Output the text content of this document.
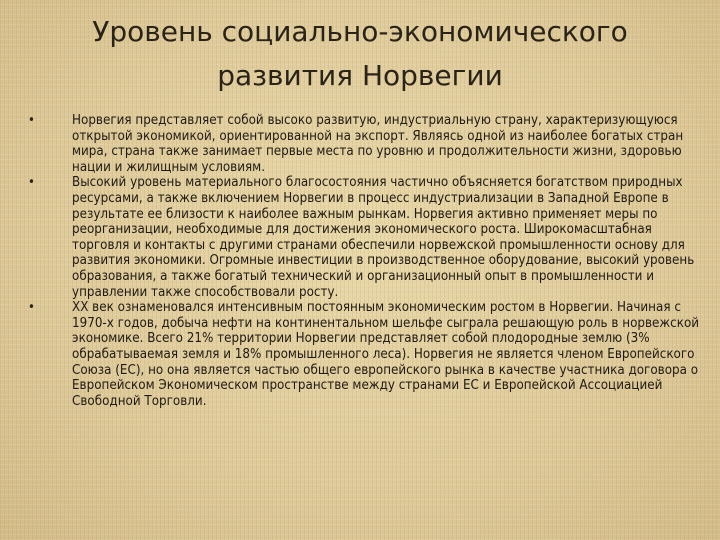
Уровень социально-экономического
развития Норвегии
•	Норвегия представляет собой высоко развитую, индустриальную страну, характеризующуюся открытой экономикой, ориентированной на экспорт. Являясь одной из наиболее богатых стран мира, страна также занимает первые места по уровню и продолжительности жизни, здоровью нации и жилищным условиям.
•	Высокий уровень материального благосостояния частично объясняется богатством природных ресурсами, а также включением Норвегии в процесс индустриализации в Западной Европе в результате ее близости к наиболее важным рынкам. Норвегия активно применяет меры по реорганизации, необходимые для достижения экономического роста. Широкомасштабная торговля и контакты с другими странами обеспечили норвежской промышленности основу для развития экономики. Огромные инвестиции в производственное оборудование, высокий уровень образования, а также богатый технический и организационный опыт в промышленности и управлении также способствовали росту.
•	XX век ознаменовался интенсивным постоянным экономическим ростом в Норвегии. Начиная с 1970-х годов, добыча нефти на континентальном шельфе сыграла решающую роль в норвежской экономике. Всего 21% территории Норвегии представляет собой плодородные землю (3% обрабатываемая земля и 18% промышленного леса). Норвегия не является членом Европейского Союза (ЕС), но она является частью общего европейского рынка в качестве участника договора о Европейском Экономическом пространстве между странами ЕС и Европейской Ассоциацией Свободной Торговли.
